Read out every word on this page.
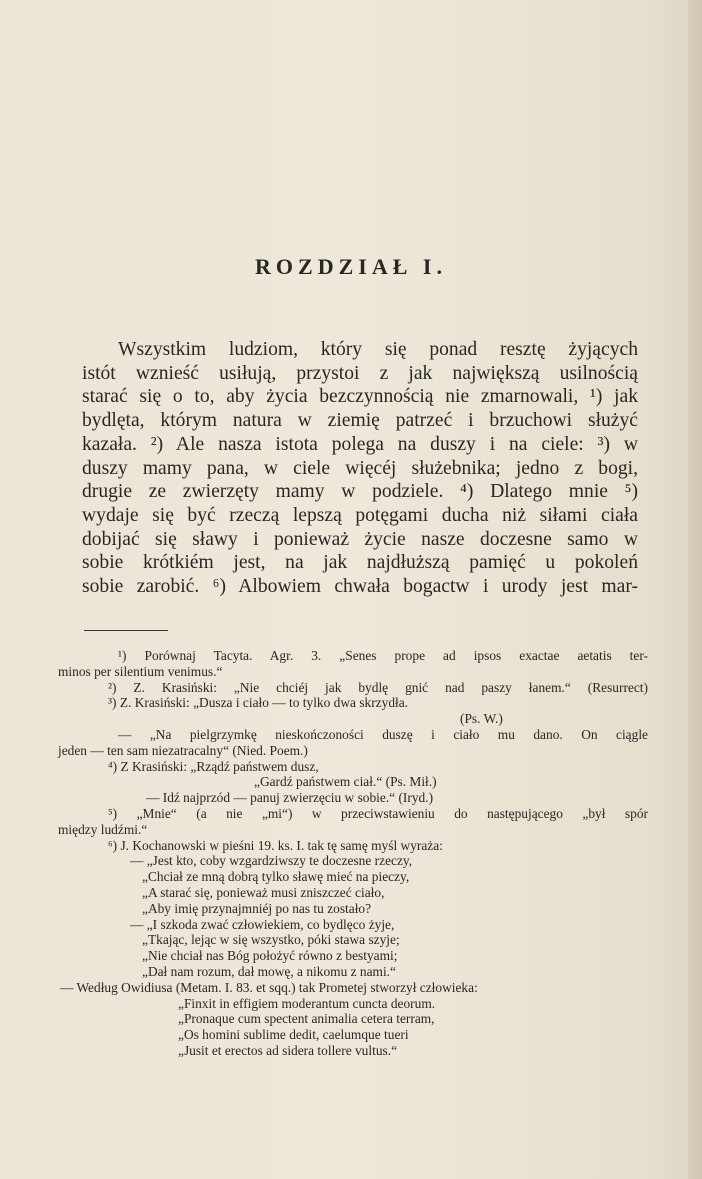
ROZDZIAŁ I.
Wszystkim ludziom, który się ponad resztę żyjących
istót wznieść usiłują, przystoi z jak największą usilnością
starać się o to, aby życia bezczynnością nie zmarnowali, ¹) jak
bydlęta, którym natura w ziemię patrzeć i brzuchowi służyć
kazała. ²) Ale nasza istota polega na duszy i na ciele: ³) w
duszy mamy pana, w ciele więcéj służebnika; jedno z bogi,
drugie ze zwierzęty mamy w podziele. ⁴) Dlatego mnie ⁵)
wydaje się być rzeczą lepszą potęgami ducha niż siłami ciała
dobijać się sławy i ponieważ życie nasze doczesne samo w
sobie krótkiém jest, na jak najdłuższą pamięć u pokoleń
sobie zarobić. ⁶) Albowiem chwała bogactw i urody jest mar-
¹) Porównaj Tacyta. Agr. 3. „Senes prope ad ipsos exactae aetatis ter-
minos per silentium venimus.“
²) Z. Krasiński: „Nie chciéj jak bydlę gnić nad paszy łanem.“ (Resurrect)
³) Z. Krasiński: „Dusza i ciało — to tylko dwa skrzydła.
(Ps. W.)
— „Na pielgrzymkę nieskończoności duszę i ciało mu dano. On ciągle
jeden — ten sam niezatracalny“ (Nied. Poem.)
⁴) Z Krasiński: „Rządź państwem dusz,
„Gardź państwem ciał.“ (Ps. Mił.)
— Idź najprzód — panuj zwierzęciu w sobie.“ (Iryd.)
⁵) „Mnie“ (a nie „mi“) w przeciwstawieniu do następującego „był spór
między ludźmi.“
⁶) J. Kochanowski w pieśni 19. ks. I. tak tę samę myśl wyraża:
— „Jest kto, coby wzgardziwszy te doczesne rzeczy,
„Chciał ze mną dobrą tylko sławę mieć na pieczy,
„A starać się, ponieważ musi zniszczeć ciało,
„Aby imię przynajmniéj po nas tu zostało?
— „I szkoda zwać człowiekiem, co bydlęco żyje,
„Tkając, lejąc w się wszystko, póki stawa szyje;
„Nie chciał nas Bóg położyć równo z bestyami;
„Dał nam rozum, dał mowę, a nikomu z nami.“
— Według Owidiusa (Metam. I. 83. et sqq.) tak Prometej stworzył człowieka:
„Finxit in effigiem moderantum cuncta deorum.
„Pronaque cum spectent animalia cetera terram,
„Os homini sublime dedit, caelumque tueri
„Jusit et erectos ad sidera tollere vultus.“
